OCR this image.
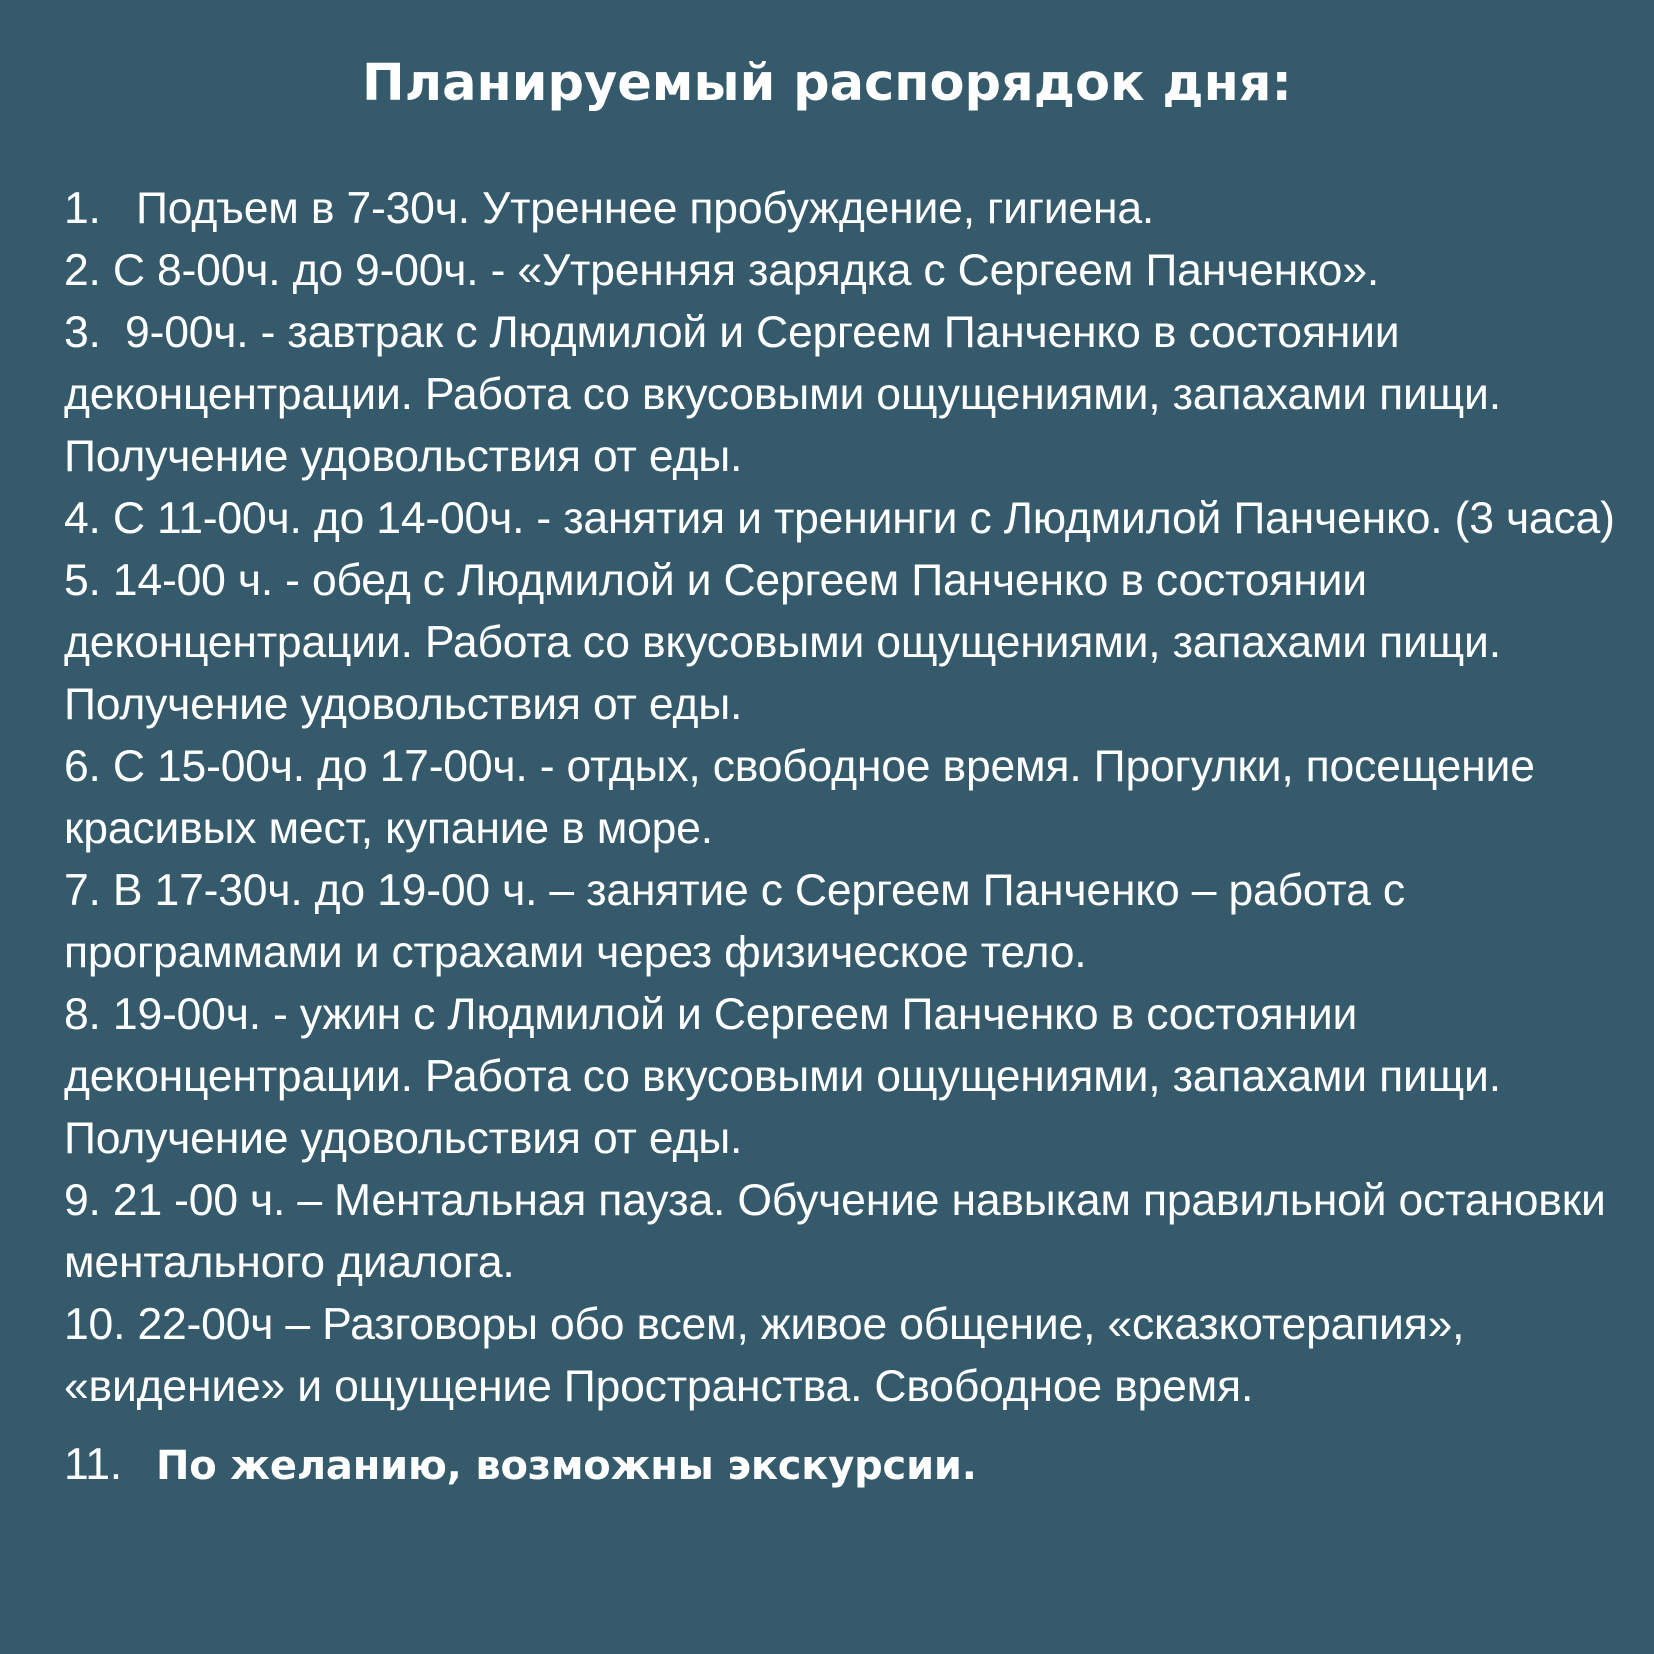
Планируемый распорядок дня:

1. Подъем в 7-30ч. Утреннее пробуждение, гигиена.

2. С 8-00ч. до 9-00ч. - «Утренняя зарядка с Сергеем Панченко».

3. 9-00ч. - завтрак с Людмилой и Сергеем Панченко в состоянии деконцентрации. Работа со вкусовыми ощущениями, запахами пищи. Получение удовольствия от еды.

4. С 11-00ч. до 14-00ч. - занятия и тренинги с Людмилой Панченко. (3 часа)

5. 14-00 ч. - обед с Людмилой и Сергеем Панченко в состоянии деконцентрации. Работа со вкусовыми ощущениями, запахами пищи. Получение удовольствия от еды.

6. С 15-00ч. до 17-00ч. - отдых, свободное время. Прогулки, посещение красивых мест, купание в море.

7. В 17-30ч. до 19-00 ч. – занятие с Сергеем Панченко – работа с программами и страхами через физическое тело.

8. 19-00ч. - ужин с Людмилой и Сергеем Панченко в состоянии деконцентрации. Работа со вкусовыми ощущениями, запахами пищи. Получение удовольствия от еды.

9. 21 -00 ч. – Ментальная пауза. Обучение навыкам правильной остановки ментального диалога.

10. 22-00ч – Разговоры обо всем, живое общение, «сказкотерапия», «видение» и ощущение Пространства. Свободное время.

11. По желанию, возможны экскурсии.
